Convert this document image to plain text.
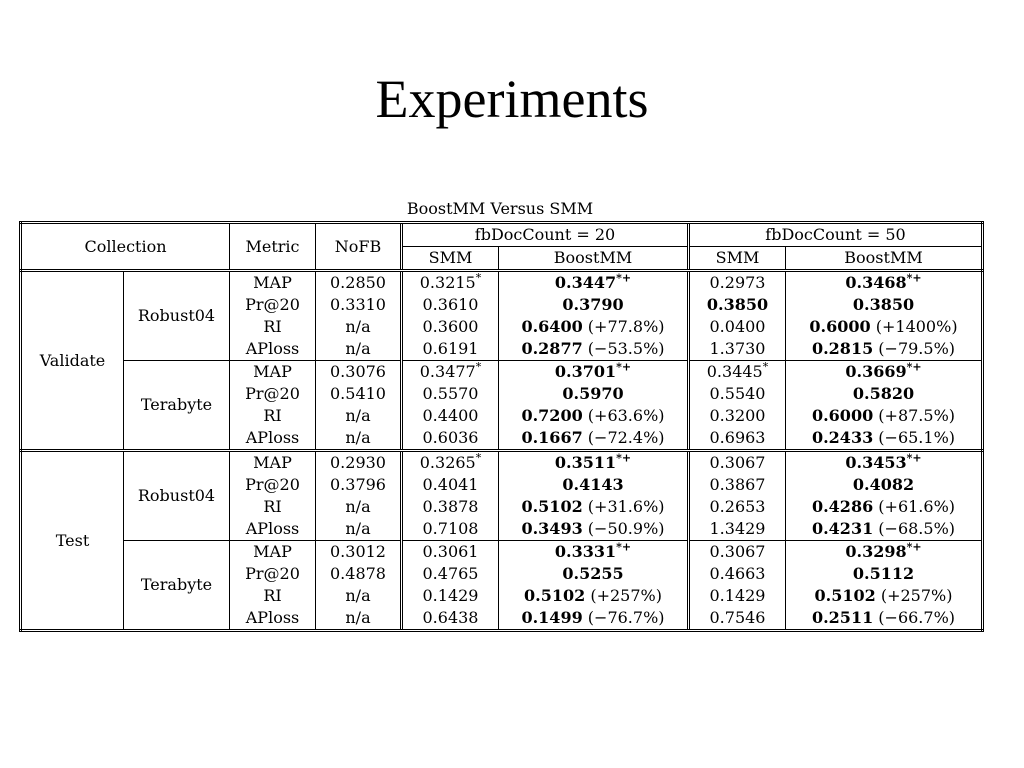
Experiments
BoostMM Versus SMM
Collection		Metric	NoFB	fbDocCount = 20		fbDocCount = 50	
				SMM	BoostMM	SMM	BoostMM
Validate	Robust04	MAP	0.2850	0.3215*	0.3447*+	0.2973	0.3468*+
		Pr@20	0.3310	0.3610	0.3790	0.3850	0.3850
		RI	n/a	0.3600	0.6400 (+77.8%)	0.0400	0.6000 (+1400%)
		APloss	n/a	0.6191	0.2877 (−53.5%)	1.3730	0.2815 (−79.5%)
	Terabyte	MAP	0.3076	0.3477*	0.3701*+	0.3445*	0.3669*+
		Pr@20	0.5410	0.5570	0.5970	0.5540	0.5820
		RI	n/a	0.4400	0.7200 (+63.6%)	0.3200	0.6000 (+87.5%)
		APloss	n/a	0.6036	0.1667 (−72.4%)	0.6963	0.2433 (−65.1%)
Test	Robust04	MAP	0.2930	0.3265*	0.3511*+	0.3067	0.3453*+
		Pr@20	0.3796	0.4041	0.4143	0.3867	0.4082
		RI	n/a	0.3878	0.5102 (+31.6%)	0.2653	0.4286 (+61.6%)
		APloss	n/a	0.7108	0.3493 (−50.9%)	1.3429	0.4231 (−68.5%)
	Terabyte	MAP	0.3012	0.3061	0.3331*+	0.3067	0.3298*+
		Pr@20	0.4878	0.4765	0.5255	0.4663	0.5112
		RI	n/a	0.1429	0.5102 (+257%)	0.1429	0.5102 (+257%)
		APloss	n/a	0.6438	0.1499 (−76.7%)	0.7546	0.2511 (−66.7%)
